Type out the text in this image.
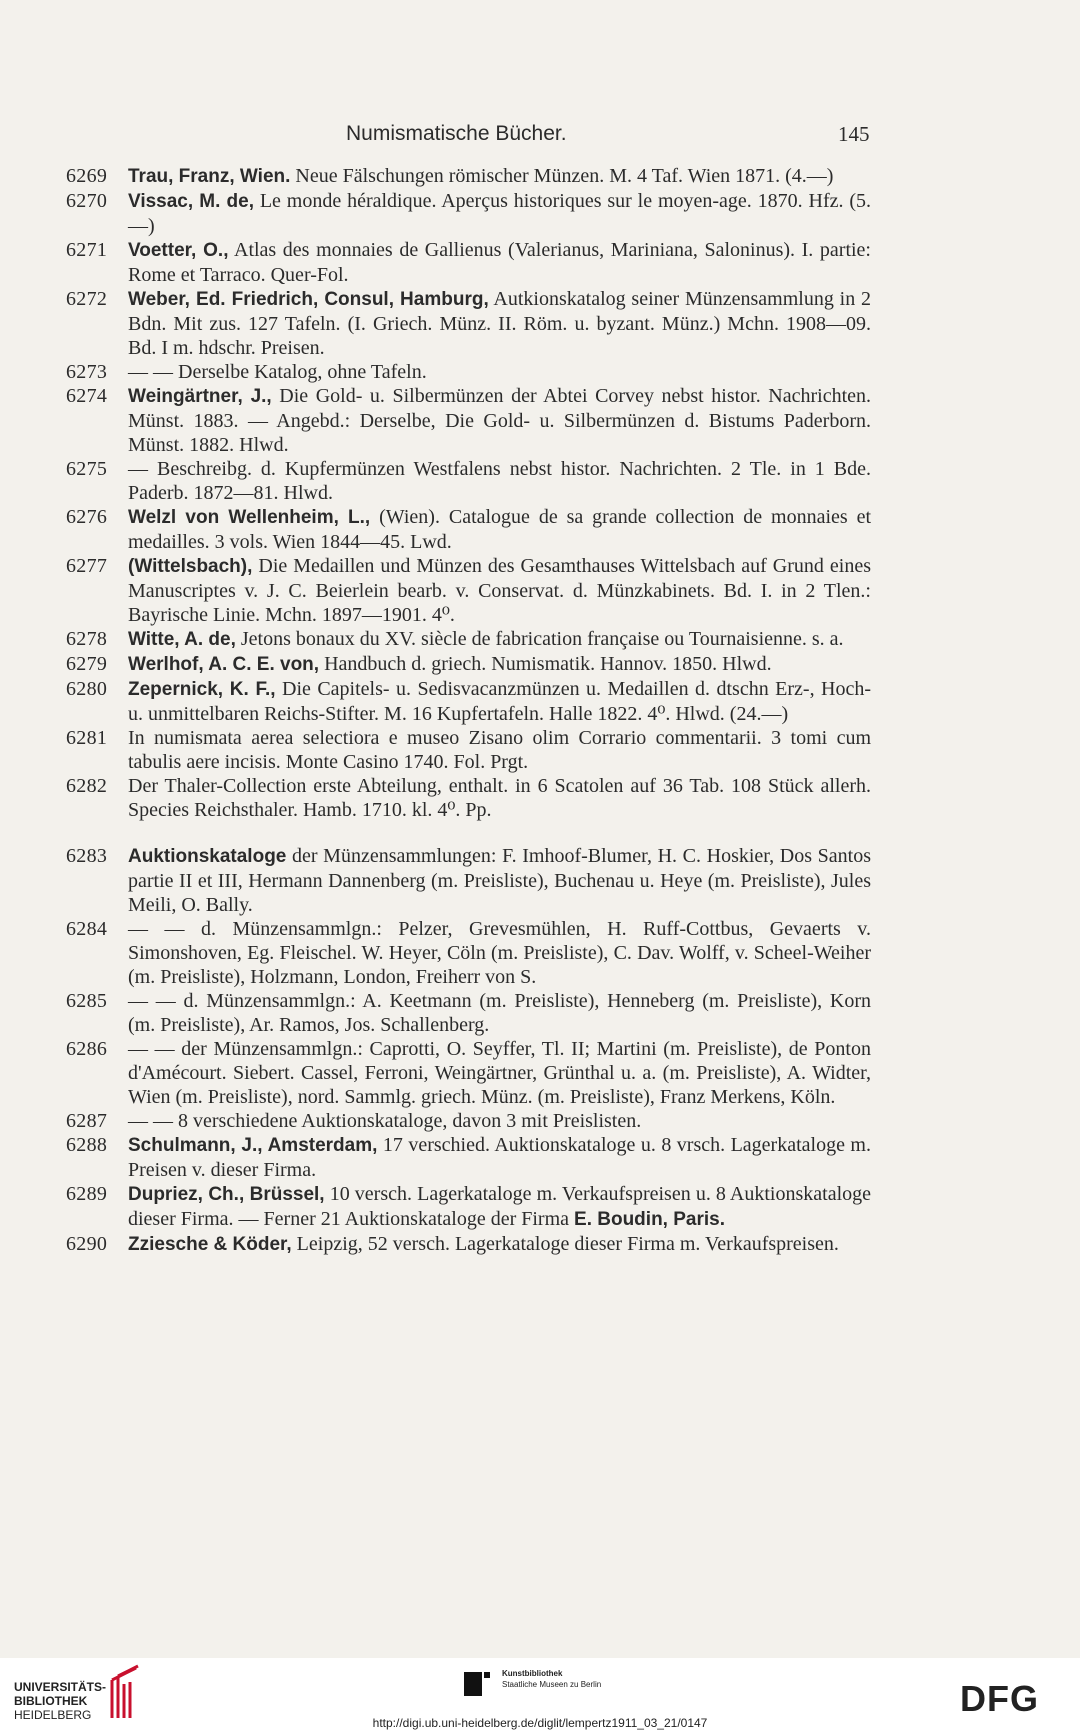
Numismatische Bücher.	145
6269	Trau, Franz, Wien. Neue Fälschungen römischer Münzen. M. 4 Taf. Wien 1871. (4.—)
6270	Vissac, M. de, Le monde héraldique. Aperçus historiques sur le moyen-age. 1870. Hfz. (5.—)
6271	Voetter, O., Atlas des monnaies de Gallienus (Valerianus, Mariniana, Saloninus). I. partie: Rome et Tarraco. Quer-Fol.
6272	Weber, Ed. Friedrich, Consul, Hamburg, Autkionskatalog seiner Münzensammlung in 2 Bdn. Mit zus. 127 Tafeln. (I. Griech. Münz. II. Röm. u. byzant. Münz.) Mchn. 1908—09. Bd. I m. hdschr. Preisen.
6273	— — Derselbe Katalog, ohne Tafeln.
6274	Weingärtner, J., Die Gold- u. Silbermünzen der Abtei Corvey nebst histor. Nachrichten. Münst. 1883. — Angebd.: Derselbe, Die Gold- u. Silbermünzen d. Bistums Paderborn. Münst. 1882. Hlwd.
6275	— Beschreibg. d. Kupfermünzen Westfalens nebst histor. Nachrichten. 2 Tle. in 1 Bde. Paderb. 1872—81. Hlwd.
6276	Welzl von Wellenheim, L., (Wien). Catalogue de sa grande collection de monnaies et medailles. 3 vols. Wien 1844—45. Lwd.
6277	(Wittelsbach), Die Medaillen und Münzen des Gesamthauses Wittelsbach auf Grund eines Manuscriptes v. J. C. Beierlein bearb. v. Conservat. d. Münzkabinets. Bd. I. in 2 Tlen.: Bayrische Linie. Mchn. 1897—1901. 4⁰.
6278	Witte, A. de, Jetons bonaux du XV. siècle de fabrication française ou Tournaisienne. s. a.
6279	Werlhof, A. C. E. von, Handbuch d. griech. Numismatik. Hannov. 1850. Hlwd.
6280	Zepernick, K. F., Die Capitels- u. Sedisvacanzmünzen u. Medaillen d. dtschn Erz-, Hoch- u. unmittelbaren Reichs-Stifter. M. 16 Kupfertafeln. Halle 1822. 4⁰. Hlwd. (24.—)
6281	In numismata aerea selectiora e museo Zisano olim Corrario commentarii. 3 tomi cum tabulis aere incisis. Monte Casino 1740. Fol. Prgt.
6282	Der Thaler-Collection erste Abteilung, enthalt. in 6 Scatolen auf 36 Tab. 108 Stück allerh. Species Reichsthaler. Hamb. 1710. kl. 4⁰. Pp.
6283	Auktionskataloge der Münzensammlungen: F. Imhoof-Blumer, H. C. Hoskier, Dos Santos partie II et III, Hermann Dannenberg (m. Preisliste), Buchenau u. Heye (m. Preisliste), Jules Meili, O. Bally.
6284	— — d. Münzensammlgn.: Pelzer, Grevesmühlen, H. Ruff-Cottbus, Gevaerts v. Simonshoven, Eg. Fleischel. W. Heyer, Cöln (m. Preisliste), C. Dav. Wolff, v. Scheel-Weiher (m. Preisliste), Holzmann, London, Freiherr von S.
6285	— — d. Münzensammlgn.: A. Keetmann (m. Preisliste), Henneberg (m. Preisliste), Korn (m. Preisliste), Ar. Ramos, Jos. Schallenberg.
6286	— — der Münzensammlgn.: Caprotti, O. Seyffer, Tl. II; Martini (m. Preisliste), de Ponton d'Amécourt. Siebert. Cassel, Ferroni, Weingärtner, Grünthal u. a. (m. Preisliste), A. Widter, Wien (m. Preisliste), nord. Sammlg. griech. Münz. (m. Preisliste), Franz Merkens, Köln.
6287	— — 8 verschiedene Auktionskataloge, davon 3 mit Preislisten.
6288	Schulmann, J., Amsterdam, 17 verschied. Auktionskataloge u. 8 vrsch. Lagerkataloge m. Preisen v. dieser Firma.
6289	Dupriez, Ch., Brüssel, 10 versch. Lagerkataloge m. Verkaufspreisen u. 8 Auktionskataloge dieser Firma. — Ferner 21 Auktionskataloge der Firma E. Boudin, Paris.
6290	Zziesche & Köder, Leipzig, 52 versch. Lagerkataloge dieser Firma m. Verkaufspreisen.
UNIVERSITÄTS-
BIBLIOTHEK
HEIDELBERG
Kunstbibliothek
Staatliche Museen zu Berlin	DFG
http://digi.ub.uni-heidelberg.de/diglit/lempertz1911_03_21/0147
